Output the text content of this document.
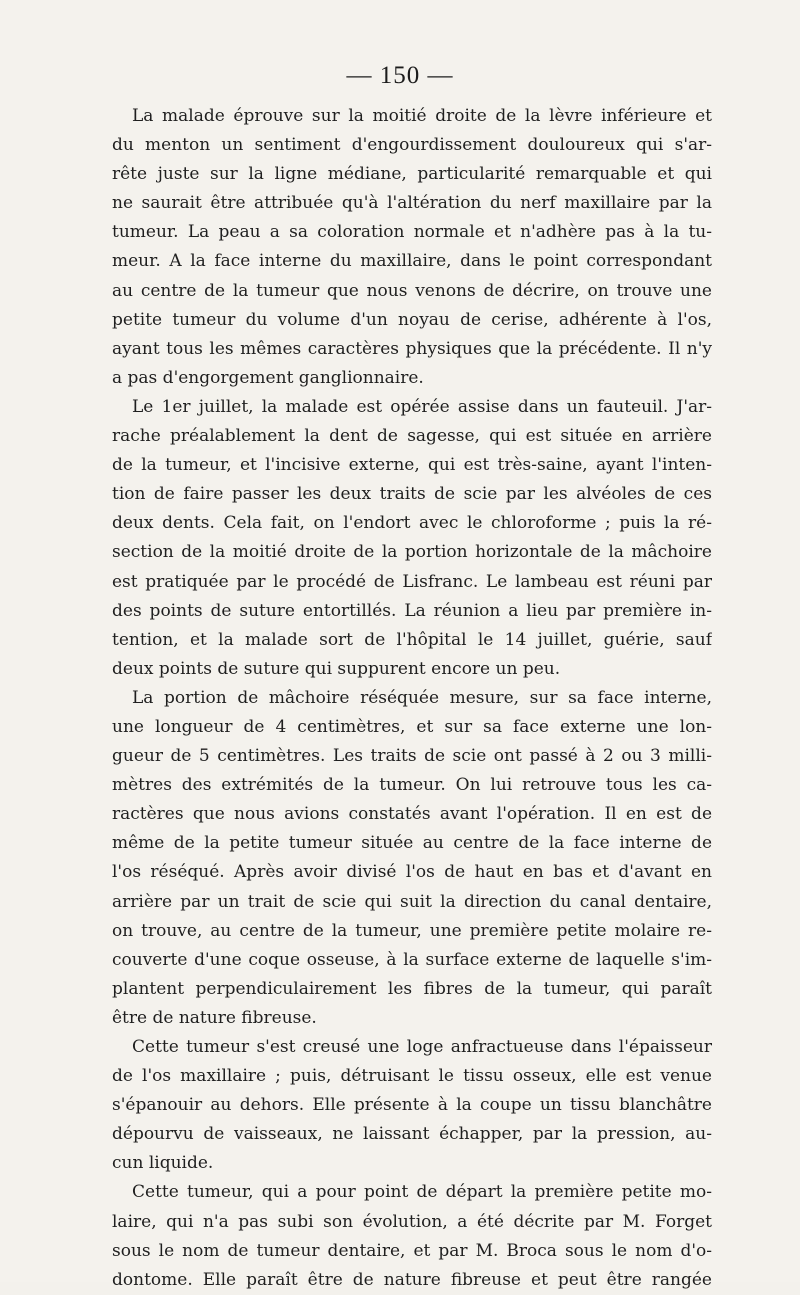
— 150 —
La malade éprouve sur la moitié droite de la lèvre inférieure et
du menton un sentiment d'engourdissement douloureux qui s'ar-
rête juste sur la ligne médiane, particularité remarquable et qui
ne saurait être attribuée qu'à l'altération du nerf maxillaire par la
tumeur. La peau a sa coloration normale et n'adhère pas à la tu-
meur. A la face interne du maxillaire, dans le point correspondant
au centre de la tumeur que nous venons de décrire, on trouve une
petite tumeur du volume d'un noyau de cerise, adhérente à l'os,
ayant tous les mêmes caractères physiques que la précédente. Il n'y
a pas d'engorgement ganglionnaire.
Le 1er juillet, la malade est opérée assise dans un fauteuil. J'ar-
rache préalablement la dent de sagesse, qui est située en arrière
de la tumeur, et l'incisive externe, qui est très-saine, ayant l'inten-
tion de faire passer les deux traits de scie par les alvéoles de ces
deux dents. Cela fait, on l'endort avec le chloroforme ; puis la ré-
section de la moitié droite de la portion horizontale de la mâchoire
est pratiquée par le procédé de Lisfranc. Le lambeau est réuni par
des points de suture entortillés. La réunion a lieu par première in-
tention, et la malade sort de l'hôpital le 14 juillet, guérie, sauf
deux points de suture qui suppurent encore un peu.
La portion de mâchoire réséquée mesure, sur sa face interne,
une longueur de 4 centimètres, et sur sa face externe une lon-
gueur de 5 centimètres. Les traits de scie ont passé à 2 ou 3 milli-
mètres des extrémités de la tumeur. On lui retrouve tous les ca-
ractères que nous avions constatés avant l'opération. Il en est de
même de la petite tumeur située au centre de la face interne de
l'os réséqué. Après avoir divisé l'os de haut en bas et d'avant en
arrière par un trait de scie qui suit la direction du canal dentaire,
on trouve, au centre de la tumeur, une première petite molaire re-
couverte d'une coque osseuse, à la surface externe de laquelle s'im-
plantent perpendiculairement les fibres de la tumeur, qui paraît
être de nature fibreuse.
Cette tumeur s'est creusé une loge anfractueuse dans l'épaisseur
de l'os maxillaire ; puis, détruisant le tissu osseux, elle est venue
s'épanouir au dehors. Elle présente à la coupe un tissu blanchâtre
dépourvu de vaisseaux, ne laissant échapper, par la pression, au-
cun liquide.
Cette tumeur, qui a pour point de départ la première petite mo-
laire, qui n'a pas subi son évolution, a été décrite par M. Forget
sous le nom de tumeur dentaire, et par M. Broca sous le nom d'o-
dontome. Elle paraît être de nature fibreuse et peut être rangée
